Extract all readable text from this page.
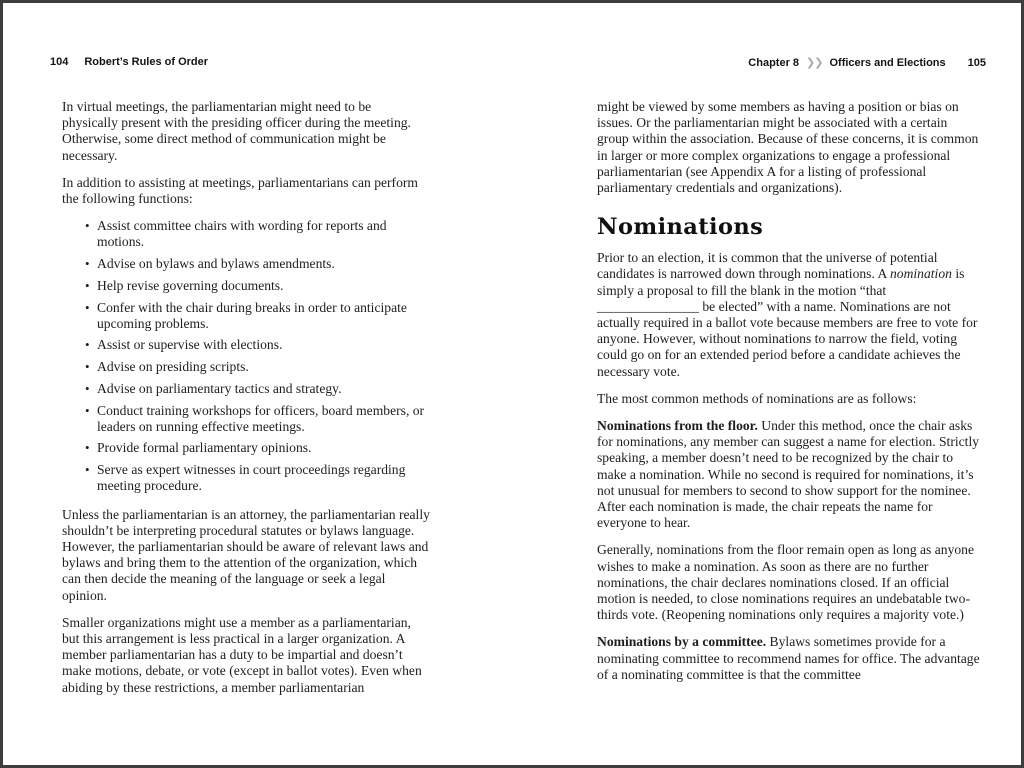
104 Robert’s Rules of Order

In virtual meetings, the parliamentarian might need to be physically present with the presiding officer during the meeting. Otherwise, some direct method of communication might be necessary.

In addition to assisting at meetings, parliamentarians can perform the following functions:

• Assist committee chairs with wording for reports and motions.
• Advise on bylaws and bylaws amendments.
• Help revise governing documents.
• Confer with the chair during breaks in order to anticipate upcoming problems.
• Assist or supervise with elections.
• Advise on presiding scripts.
• Advise on parliamentary tactics and strategy.
• Conduct training workshops for officers, board members, or leaders on running effective meetings.
• Provide formal parliamentary opinions.
• Serve as expert witnesses in court proceedings regarding meeting procedure.

Unless the parliamentarian is an attorney, the parliamentarian really shouldn’t be interpreting procedural statutes or bylaws language. However, the parliamentarian should be aware of relevant laws and bylaws and bring them to the attention of the organization, which can then decide the meaning of the language or seek a legal opinion.

Smaller organizations might use a member as a parliamentarian, but this arrangement is less practical in a larger organization. A member parliamentarian has a duty to be impartial and doesn’t make motions, debate, or vote (except in ballot votes). Even when abiding by these restrictions, a member parliamentarian

Chapter 8 ❯❯ Officers and Elections 105

might be viewed by some members as having a position or bias on issues. Or the parliamentarian might be associated with a certain group within the association. Because of these concerns, it is common in larger or more complex organizations to engage a professional parliamentarian (see Appendix A for a listing of professional parliamentary credentials and organizations).

Nominations

Prior to an election, it is common that the universe of potential candidates is narrowed down through nominations. A nomination is simply a proposal to fill the blank in the motion “that _______________ be elected” with a name. Nominations are not actually required in a ballot vote because members are free to vote for anyone. However, without nominations to narrow the field, voting could go on for an extended period before a candidate achieves the necessary vote.

The most common methods of nominations are as follows:

Nominations from the floor. Under this method, once the chair asks for nominations, any member can suggest a name for election. Strictly speaking, a member doesn’t need to be recognized by the chair to make a nomination. While no second is required for nominations, it’s not unusual for members to second to show support for the nominee. After each nomination is made, the chair repeats the name for everyone to hear.

Generally, nominations from the floor remain open as long as anyone wishes to make a nomination. As soon as there are no further nominations, the chair declares nominations closed. If an official motion is needed, to close nominations requires an undebatable two-thirds vote. (Reopening nominations only requires a majority vote.)

Nominations by a committee. Bylaws sometimes provide for a nominating committee to recommend names for office. The advantage of a nominating committee is that the committee
